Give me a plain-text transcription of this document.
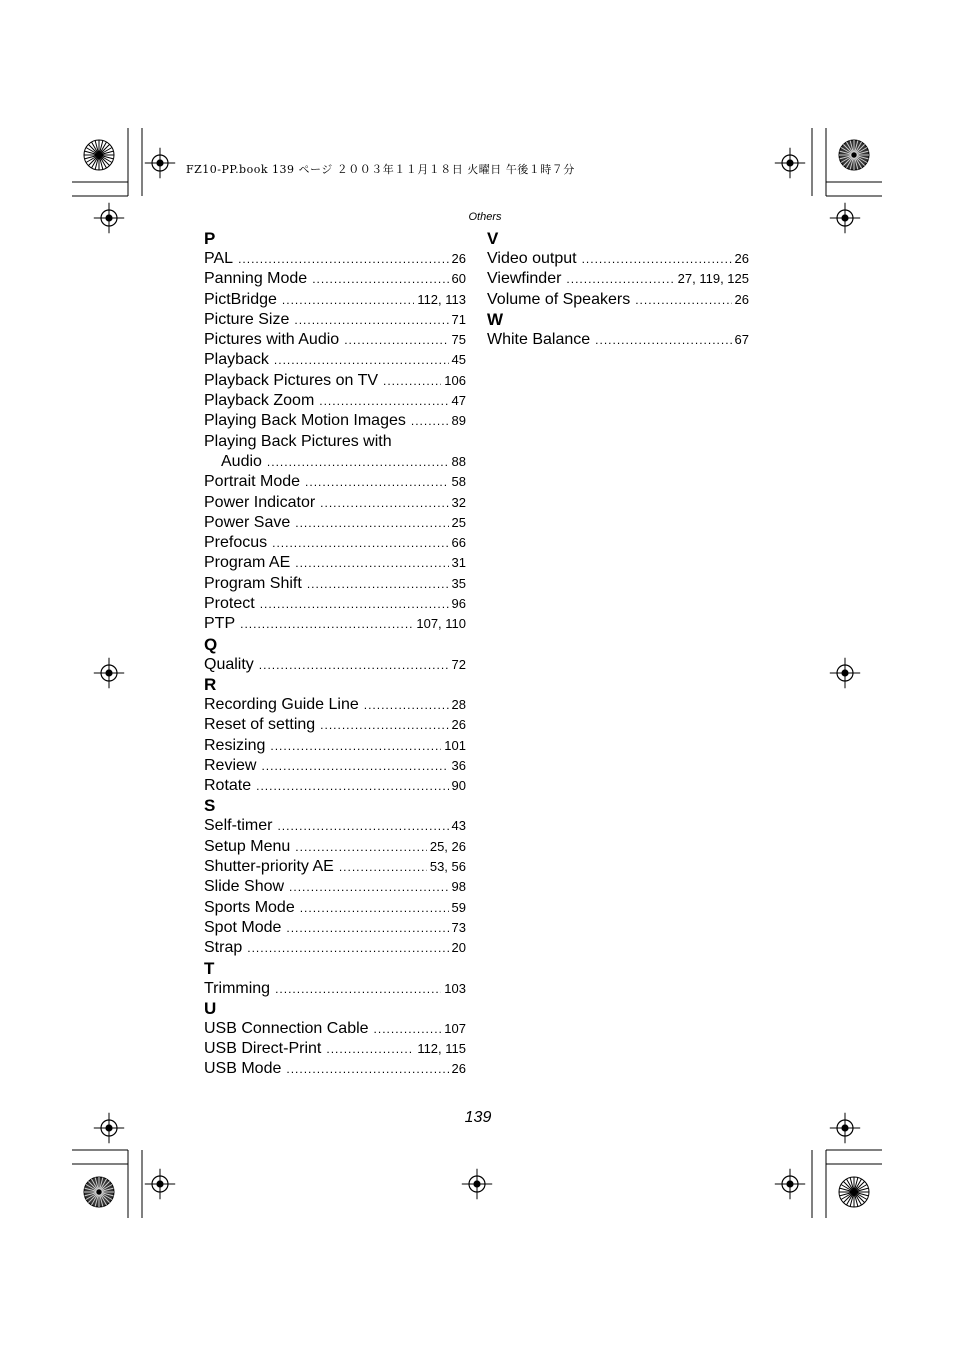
FZ10-PP.book 139 ページ ２００３年１１月１８日 火曜日 午後１時７分
Others
P
PAL .....	26
Panning Mode .....	60
PictBridge .....	112, 113
Picture Size .....	71
Pictures with Audio .....	75
Playback .....	45
Playback Pictures on TV .....	106
Playback Zoom .....	47
Playing Back Motion Images .....	89
Playing Back Pictures with
Audio .....	88
Portrait Mode .....	58
Power Indicator .....	32
Power Save .....	25
Prefocus .....	66
Program AE .....	31
Program Shift .....	35
Protect .....	96
PTP .....	107, 110
Q
Quality .....	72
R
Recording Guide Line .....	28
Reset of setting .....	26
Resizing .....	101
Review .....	36
Rotate .....	90
S
Self-timer .....	43
Setup Menu .....	25, 26
Shutter-priority AE .....	53, 56
Slide Show .....	98
Sports Mode .....	59
Spot Mode .....	73
Strap .....	20
T
Trimming .....	103
U
USB Connection Cable .....	107
USB Direct-Print .....	112, 115
USB Mode .....	26
V
Video output .....	26
Viewfinder .....	27, 119, 125
Volume of Speakers .....	26
W
White Balance .....	67
139
